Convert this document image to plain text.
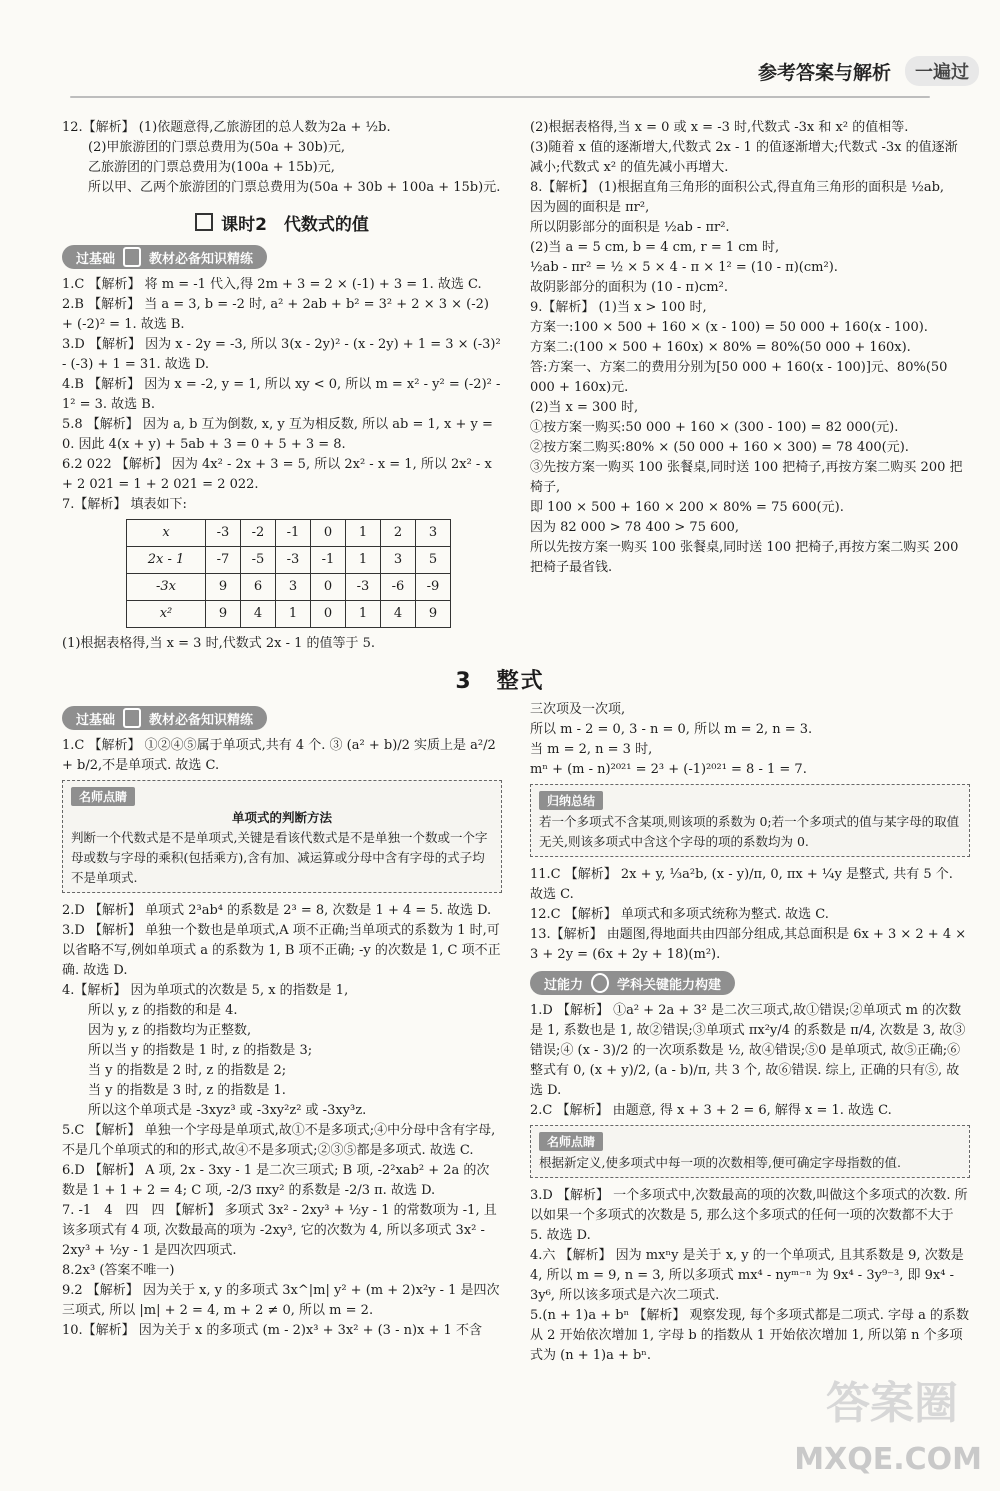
参考答案与解析	一遍过

12.【解析】 (1)依题意得,乙旅游团的总人数为2a + ½b.

(2)甲旅游团的门票总费用为(50a + 30b)元,

乙旅游团的门票总费用为(100a + 15b)元,

所以甲、乙两个旅游团的门票总费用为(50a + 30b + 100a + 15b)元.

课时2　代数式的值
过基础	教材必备知识精练

1.C 【解析】 将 m = -1 代入,得 2m + 3 = 2 × (-1) + 3 = 1. 故选 C.

2.B 【解析】 当 a = 3, b = -2 时, a² + 2ab + b² = 3² + 2 × 3 × (-2) + (-2)² = 1. 故选 B.

3.D 【解析】 因为 x - 2y = -3, 所以 3(x - 2y)² - (x - 2y) + 1 = 3 × (-3)² - (-3) + 1 = 31. 故选 D.

4.B 【解析】 因为 x = -2, y = 1, 所以 xy < 0, 所以 m = x² - y² = (-2)² - 1² = 3. 故选 B.

5.8 【解析】 因为 a, b 互为倒数, x, y 互为相反数, 所以 ab = 1, x + y = 0. 因此 4(x + y) + 5ab + 3 = 0 + 5 + 3 = 8.

6.2 022 【解析】 因为 4x² - 2x + 3 = 5, 所以 2x² - x = 1, 所以 2x² - x + 2 021 = 1 + 2 021 = 2 022.

7.【解析】 填表如下:

x	-3	-2	-1	0	1	2	3
2x - 1	-7	-5	-3	-1	1	3	5
-3x	9	6	3	0	-3	-6	-9
x²	9	4	1	0	1	4	9

(1)根据表格得,当 x = 3 时,代数式 2x - 1 的值等于 5.

(2)根据表格得,当 x = 0 或 x = -3 时,代数式 -3x 和 x² 的值相等.

(3)随着 x 值的逐渐增大,代数式 2x - 1 的值逐渐增大;代数式 -3x 的值逐渐减小;代数式 x² 的值先减小再增大.

8.【解析】 (1)根据直角三角形的面积公式,得直角三角形的面积是 ½ab,

因为圆的面积是 πr²,

所以阴影部分的面积是 ½ab - πr².

(2)当 a = 5 cm, b = 4 cm, r = 1 cm 时,

½ab - πr² = ½ × 5 × 4 - π × 1² = (10 - π)(cm²).

故阴影部分的面积为 (10 - π)cm².

9.【解析】 (1)当 x > 100 时,

方案一:100 × 500 + 160 × (x - 100) = 50 000 + 160(x - 100).

方案二:(100 × 500 + 160x) × 80% = 80%(50 000 + 160x).

答:方案一、方案二的费用分别为[50 000 + 160(x - 100)]元、80%(50 000 + 160x)元.

(2)当 x = 300 时,

①按方案一购买:50 000 + 160 × (300 - 100) = 82 000(元).

②按方案二购买:80% × (50 000 + 160 × 300) = 78 400(元).

③先按方案一购买 100 张餐桌,同时送 100 把椅子,再按方案二购买 200 把椅子,

即 100 × 500 + 160 × 200 × 80% = 75 600(元).

因为 82 000 > 78 400 > 75 600,

所以先按方案一购买 100 张餐桌,同时送 100 把椅子,再按方案二购买 200 把椅子最省钱.

3　整式
过基础	教材必备知识精练

1.C 【解析】 ①②④⑤属于单项式,共有 4 个. ③ (a² + b)/2 实质上是 a²/2 + b/2,不是单项式. 故选 C.

名师点睛
单项式的判断方法
判断一个代数式是不是单项式,关键是看该代数式是不是单独一个数或一个字母或数与字母的乘积(包括乘方),含有加、减运算或分母中含有字母的式子均不是单项式.

2.D 【解析】 单项式 2³ab⁴ 的系数是 2³ = 8, 次数是 1 + 4 = 5. 故选 D.

3.D 【解析】 单独一个数也是单项式,A 项不正确;当单项式的系数为 1 时,可以省略不写,例如单项式 a 的系数为 1, B 项不正确; -y 的次数是 1, C 项不正确. 故选 D.

4.【解析】 因为单项式的次数是 5, x 的指数是 1,

所以 y, z 的指数的和是 4.

因为 y, z 的指数均为正整数,

所以当 y 的指数是 1 时, z 的指数是 3;

当 y 的指数是 2 时, z 的指数是 2;

当 y 的指数是 3 时, z 的指数是 1.

所以这个单项式是 -3xyz³ 或 -3xy²z² 或 -3xy³z.

5.C 【解析】 单独一个字母是单项式,故①不是多项式;④中分母中含有字母,不是几个单项式的和的形式,故④不是多项式;②③⑤都是多项式. 故选 C.

6.D 【解析】 A 项, 2x - 3xy - 1 是二次三项式; B 项, -2²xab² + 2a 的次数是 1 + 1 + 2 = 4; C 项, -2/3 πxy² 的系数是 -2/3 π. 故选 D.

7. -1　4　四　四 【解析】 多项式 3x² - 2xy³ + ½y - 1 的常数项为 -1, 且该多项式有 4 项, 次数最高的项为 -2xy³, 它的次数为 4, 所以多项式 3x² - 2xy³ + ½y - 1 是四次四项式.

8.2x³ (答案不唯一)

9.2 【解析】 因为关于 x, y 的多项式 3x^|m| y² + (m + 2)x²y - 1 是四次三项式, 所以 |m| + 2 = 4, m + 2 ≠ 0, 所以 m = 2.

10.【解析】 因为关于 x 的多项式 (m - 2)x³ + 3x² + (3 - n)x + 1 不含

三次项及一次项,

所以 m - 2 = 0, 3 - n = 0, 所以 m = 2, n = 3.

当 m = 2, n = 3 时,

mⁿ + (m - n)²⁰²¹ = 2³ + (-1)²⁰²¹ = 8 - 1 = 7.

归纳总结
若一个多项式不含某项,则该项的系数为 0;若一个多项式的值与某字母的取值无关,则该多项式中含这个字母的项的系数均为 0.

11.C 【解析】 2x + y, ⅓a²b, (x - y)/π, 0, πx + ¼y 是整式, 共有 5 个. 故选 C.

12.C 【解析】 单项式和多项式统称为整式. 故选 C.

13.【解析】 由题图,得地面共由四部分组成,其总面积是 6x + 3 × 2 + 4 × 3 + 2y = (6x + 2y + 18)(m²).

过能力	学科关键能力构建

1.D 【解析】 ①a² + 2a + 3² 是二次三项式,故①错误;②单项式 m 的次数是 1, 系数也是 1, 故②错误;③单项式 πx²y/4 的系数是 π/4, 次数是 3, 故③错误;④ (x - 3)/2 的一次项系数是 ½, 故④错误;⑤0 是单项式, 故⑤正确;⑥整式有 0, (x + y)/2, (a - b)/π, 共 3 个, 故⑥错误. 综上, 正确的只有⑤, 故选 D.

2.C 【解析】 由题意, 得 x + 3 + 2 = 6, 解得 x = 1. 故选 C.

名师点睛
根据新定义,使多项式中每一项的次数相等,便可确定字母指数的值.

3.D 【解析】 一个多项式中,次数最高的项的次数,叫做这个多项式的次数. 所以如果一个多项式的次数是 5, 那么这个多项式的任何一项的次数都不大于 5. 故选 D.

4.六 【解析】 因为 mxⁿy 是关于 x, y 的一个单项式, 且其系数是 9, 次数是 4, 所以 m = 9, n = 3, 所以多项式 mx⁴ - nyᵐ⁻ⁿ 为 9x⁴ - 3y⁹⁻³, 即 9x⁴ - 3y⁶, 所以该多项式是六次二项式.

5.(n + 1)a + bⁿ 【解析】 观察发现, 每个多项式都是二项式. 字母 a 的系数从 2 开始依次增加 1, 字母 b 的指数从 1 开始依次增加 1, 所以第 n 个多项式为 (n + 1)a + bⁿ.

答案圈
MXQE.COM
